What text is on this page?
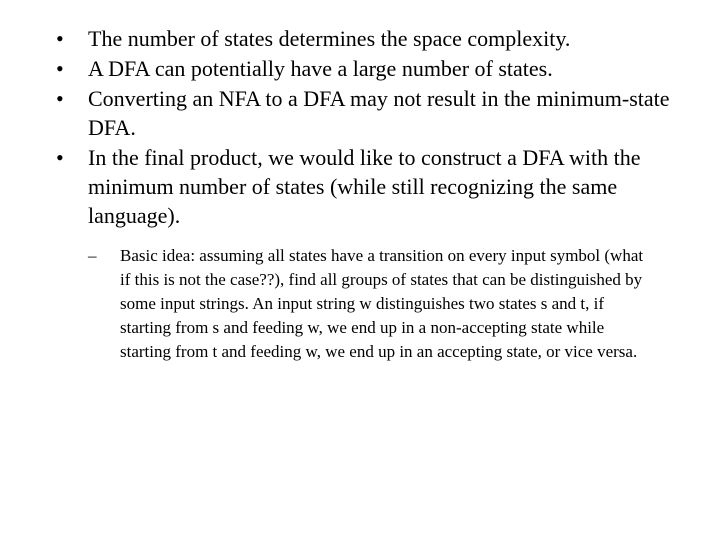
•	The number of states determines the space complexity.
•	A DFA can potentially have a large number of states.
•	Converting an NFA to a DFA may not result in the minimum-state DFA.
•	In the final product, we would like to construct a DFA with the minimum number of states (while still recognizing the same language).
– Basic idea: assuming all states have a transition on every input symbol (what if this is not the case??), find all groups of states that can be distinguished by some input strings. An input string w distinguishes two states s and t, if starting from s and feeding w, we end up in a non-accepting state while starting from t and feeding w, we end up in an accepting state, or vice versa.
